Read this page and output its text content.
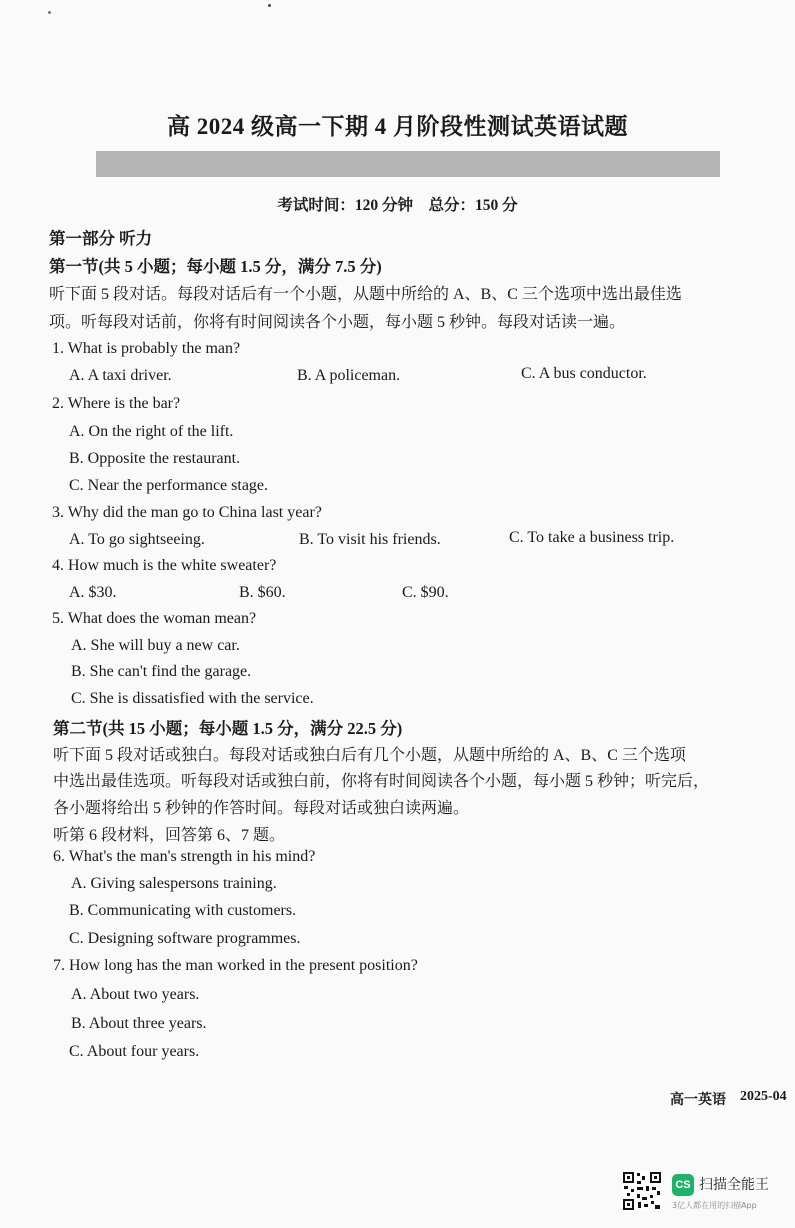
高 2024 级高一下期 4 月阶段性测试英语试题
考试时间：120 分钟    总分：150 分
第一部分 听力
第一节(共 5 小题；每小题 1.5 分，满分 7.5 分)
听下面 5 段对话。每段对话后有一个小题，从题中所给的 A、B、C 三个选项中选出最佳选
项。听每段对话前，你将有时间阅读各个小题，每小题 5 秒钟。每段对话读一遍。
1. What is probably the man?
A. A taxi driver.	B. A policeman.	C. A bus conductor.
2. Where is the bar?
A. On the right of the lift.
B. Opposite the restaurant.
C. Near the performance stage.
3. Why did the man go to China last year?
A. To go sightseeing.	B. To visit his friends.	C. To take a business trip.
4. How much is the white sweater?
A. $30.	B. $60.	C. $90.
5. What does the woman mean?
A. She will buy a new car.
B. She can't find the garage.
C. She is dissatisfied with the service.
第二节(共 15 小题；每小题 1.5 分，满分 22.5 分)
听下面 5 段对话或独白。每段对话或独白后有几个小题，从题中所给的 A、B、C 三个选项
中选出最佳选项。听每段对话或独白前，你将有时间阅读各个小题，每小题 5 秒钟；听完后，
各小题将给出 5 秒钟的作答时间。每段对话或独白读两遍。
听第 6 段材料，回答第 6、7 题。
6. What's the man's strength in his mind?
A. Giving salespersons training.
B. Communicating with customers.
C. Designing software programmes.
7. How long has the man worked in the present position?
A. About two years.
B. About three years.
C. About four years.
高一英语 2025-04
CS 扫描全能王
3亿人都在用的扫描App
